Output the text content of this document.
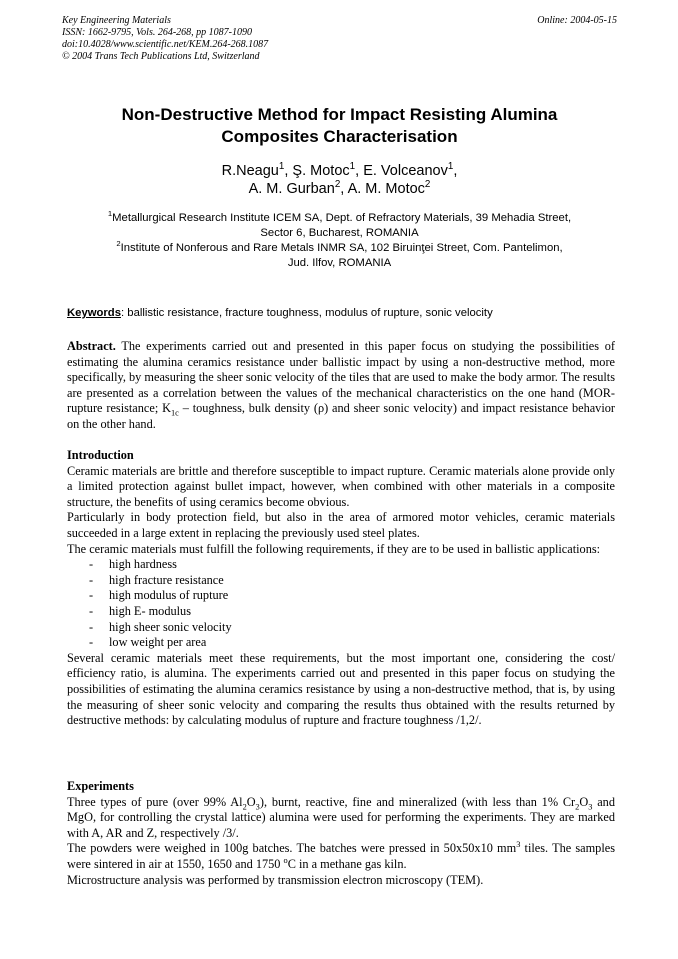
Key Engineering Materials
ISSN: 1662-9795, Vols. 264-268, pp 1087-1090
doi:10.4028/www.scientific.net/KEM.264-268.1087
© 2004 Trans Tech Publications Ltd, Switzerland
Online: 2004-05-15
Non-Destructive Method for Impact Resisting Alumina
Composites Characterisation
R.Neagu$^1$, Ş. Motoc$^1$, E. Volceanov$^1$,
A. M. Gurban$^2$, A. M. Motoc$^2$
$^1$Metallurgical Research Institute ICEM SA, Dept. of Refractory Materials, 39 Mehadia Street,
Sector 6, Bucharest, ROMANIA
$^2$Institute of Nonferous and Rare Metals INMR SA, 102 Biruinţei Street, Com. Pantelimon,
Jud. Ilfov, ROMANIA
Keywords: ballistic resistance, fracture toughness, modulus of rupture, sonic velocity

Abstract. The experiments carried out and presented in this paper focus on studying the possibilities of estimating the alumina ceramics resistance under ballistic impact by using a non-destructive method, more specifically, by measuring the sheer sonic velocity of the tiles that are used to make the body armor. The results are presented as a correlation between the values of the mechanical characteristics on the one hand (MOR- rupture resistance; $K_{1c}$ – toughness, bulk density (ρ) and sheer sonic velocity) and impact resistance behavior on the other hand.

Introduction

Ceramic materials are brittle and therefore susceptible to impact rupture. Ceramic materials alone provide only a limited protection against bullet impact, however, when combined with other materials in a composite structure, the benefits of using ceramics become obvious.

Particularly in body protection field, but also in the area of armored motor vehicles, ceramic materials succeeded in a large extent in replacing the previously used steel plates.

The ceramic materials must fulfill the following requirements, if they are to be used in ballistic applications:

- high hardness
- high fracture resistance
- high modulus of rupture
- high E- modulus
- high sheer sonic velocity
- low weight per area

Several ceramic materials meet these requirements, but the most important one, considering the cost/ efficiency ratio, is alumina. The experiments carried out and presented in this paper focus on studying the possibilities of estimating the alumina ceramics resistance by using a non-destructive method, that is, by using the measuring of sheer sonic velocity and comparing the results thus obtained with the results returned by destructive methods: by calculating modulus of rupture and fracture toughness /1,2/.

Experiments

Three types of pure (over 99% $Al_2O_3$), burnt, reactive, fine and mineralized (with less than 1% $Cr_2O_3$ and MgO, for controlling the crystal lattice) alumina were used for performing the experiments. They are marked with A, AR and Z, respectively /3/.

The powders were weighed in 100g batches. The batches were pressed in 50x50x10 $mm^3$ tiles. The samples were sintered in air at 1550, 1650 and 1750 $^o$C in a methane gas kiln.

Microstructure analysis was performed by transmission electron microscopy (TEM).
